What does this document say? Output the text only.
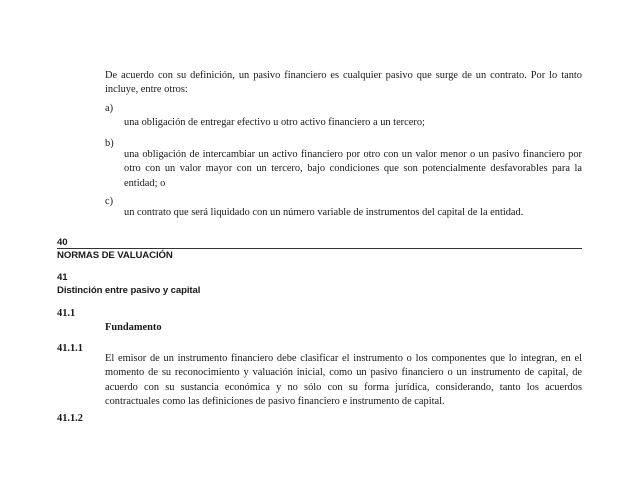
De acuerdo con su definición, un pasivo financiero es cualquier pasivo que surge de un contrato. Por lo tanto incluye, entre otros:
a)
una obligación de entregar efectivo u otro activo financiero a un tercero;
b)
una obligación de intercambiar un activo financiero por otro con un valor menor o un pasivo financiero por otro con un valor mayor con un tercero, bajo condiciones que son potencialmente desfavorables para la entidad; o
c)
un contrato que será liquidado con un número variable de instrumentos del capital de la entidad.
40
NORMAS DE VALUACIÓN
41
Distinción entre pasivo y capital
41.1
Fundamento
41.1.1
El emisor de un instrumento financiero debe clasificar el instrumento o los componentes que lo integran, en el momento de su reconocimiento y valuación inicial, como un pasivo financiero o un instrumento de capital, de acuerdo con su sustancia económica y no sólo con su forma jurídica, considerando, tanto los acuerdos contractuales como las definiciones de pasivo financiero e instrumento de capital.
41.1.2
